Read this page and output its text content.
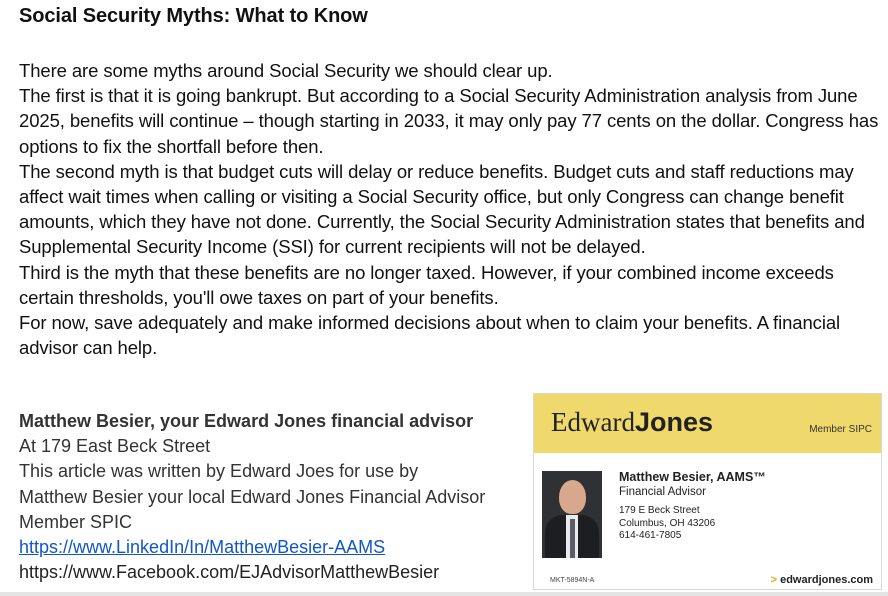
Social Security Myths: What to Know

There are some myths around Social Security we should clear up.

The first is that it is going bankrupt. But according to a Social Security Administration analysis from June 2025, benefits will continue – though starting in 2033, it may only pay 77 cents on the dollar. Congress has options to fix the shortfall before then.

The second myth is that budget cuts will delay or reduce benefits. Budget cuts and staff reductions may affect wait times when calling or visiting a Social Security office, but only Congress can change benefit amounts, which they have not done. Currently, the Social Security Administration states that benefits and Supplemental Security Income (SSI) for current recipients will not be delayed.

Third is the myth that these benefits are no longer taxed. However, if your combined income exceeds certain thresholds, you'll owe taxes on part of your benefits.

For now, save adequately and make informed decisions about when to claim your benefits. A financial advisor can help.

Matthew Besier, your Edward Jones financial advisor
At 179 East Beck Street
This article was written by Edward Joes for use by
Matthew Besier your local Edward Jones Financial Advisor
Member SPIC
https://www.LinkedIn/In/MatthewBesier-AAMS
https://www.Facebook.com/EJAdvisorMatthewBesier
EdwardJones	Member SIPC
Matthew Besier, AAMS™
Financial Advisor
179 E Beck Street
Columbus, OH 43206
614-461-7805
MKT-5894N-A	> edwardjones.com
